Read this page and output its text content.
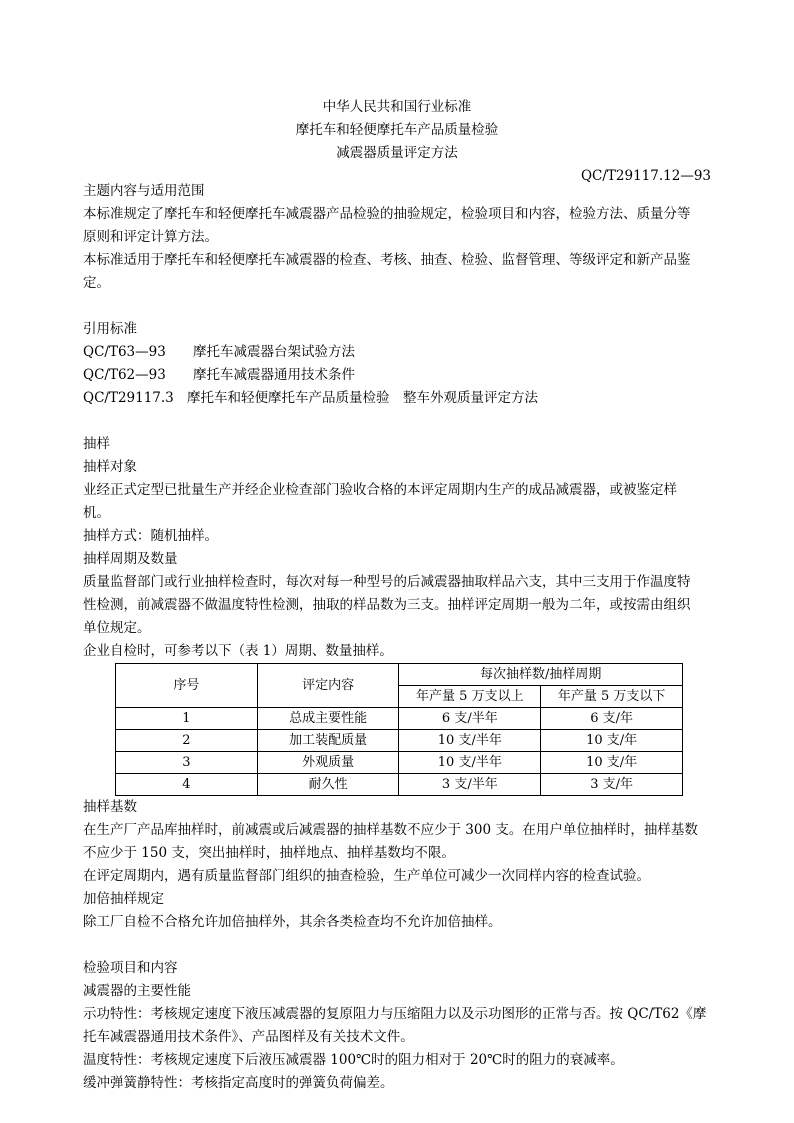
中华人民共和国行业标准
摩托车和轻便摩托车产品质量检验
减震器质量评定方法
QC/T29117.12—93

主题内容与适用范围

本标准规定了摩托车和轻便摩托车减震器产品检验的抽验规定，检验项目和内容，检验方法、质量分等

原则和评定计算方法。

本标准适用于摩托车和轻便摩托车减震器的检查、考核、抽查、检验、监督管理、等级评定和新产品鉴

定。

引用标准

QC/T63—93 摩托车减震器台架试验方法

QC/T62—93 摩托车减震器通用技术条件

QC/T29117.3 摩托车和轻便摩托车产品质量检验　整车外观质量评定方法

抽样

抽样对象

业经正式定型已批量生产并经企业检查部门验收合格的本评定周期内生产的成品减震器，或被鉴定样

机。

抽样方式：随机抽样。

抽样周期及数量

质量监督部门或行业抽样检查时，每次对每一种型号的后减震器抽取样品六支，其中三支用于作温度特

性检测，前减震器不做温度特性检测，抽取的样品数为三支。抽样评定周期一般为二年，或按需由组织

单位规定。

企业自检时，可参考以下（表 1）周期、数量抽样。

序号	评定内容	每次抽样数/抽样周期	
		年产量 5 万支以上	年产量 5 万支以下
1	总成主要性能	6 支/半年	6 支/年
2	加工装配质量	10 支/半年	10 支/年
3	外观质量	10 支/半年	10 支/年
4	耐久性	3 支/半年	3 支/年

抽样基数

在生产厂产品库抽样时，前减震或后减震器的抽样基数不应少于 300 支。在用户单位抽样时，抽样基数

不应少于 150 支，突出抽样时，抽样地点、抽样基数均不限。

在评定周期内，遇有质量监督部门组织的抽查检验，生产单位可减少一次同样内容的检查试验。

加倍抽样规定

除工厂自检不合格允许加倍抽样外，其余各类检查均不允许加倍抽样。

检验项目和内容

减震器的主要性能

示功特性：考核规定速度下液压减震器的复原阻力与压缩阻力以及示功图形的正常与否。按 QC/T62《摩

托车减震器通用技术条件》、产品图样及有关技术文件。

温度特性：考核规定速度下后液压减震器 100℃时的阻力相对于 20℃时的阻力的衰减率。

缓冲弹簧静特性：考核指定高度时的弹簧负荷偏差。
